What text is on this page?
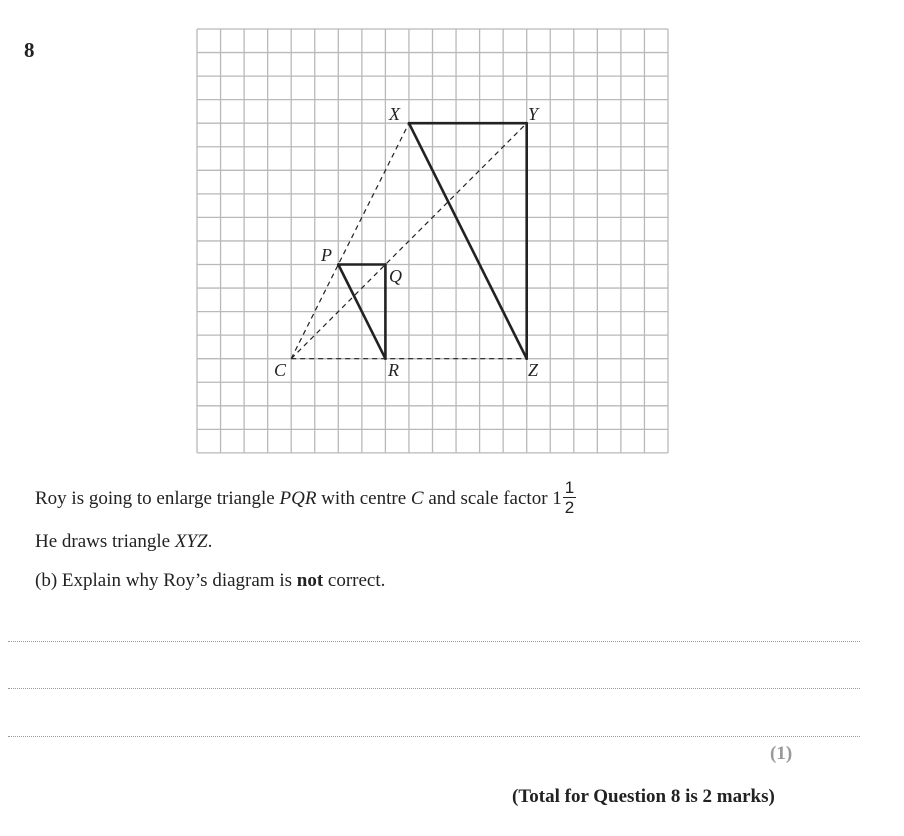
8
C
P
Q
R
X	Y
Z
Roy is going to enlarge triangle PQR with centre C and scale factor $1 \frac{1}{2}$
He draws triangle XYZ.
(b) Explain why Roy’s diagram is not correct.
(1)
(Total for Question 8 is 2 marks)
